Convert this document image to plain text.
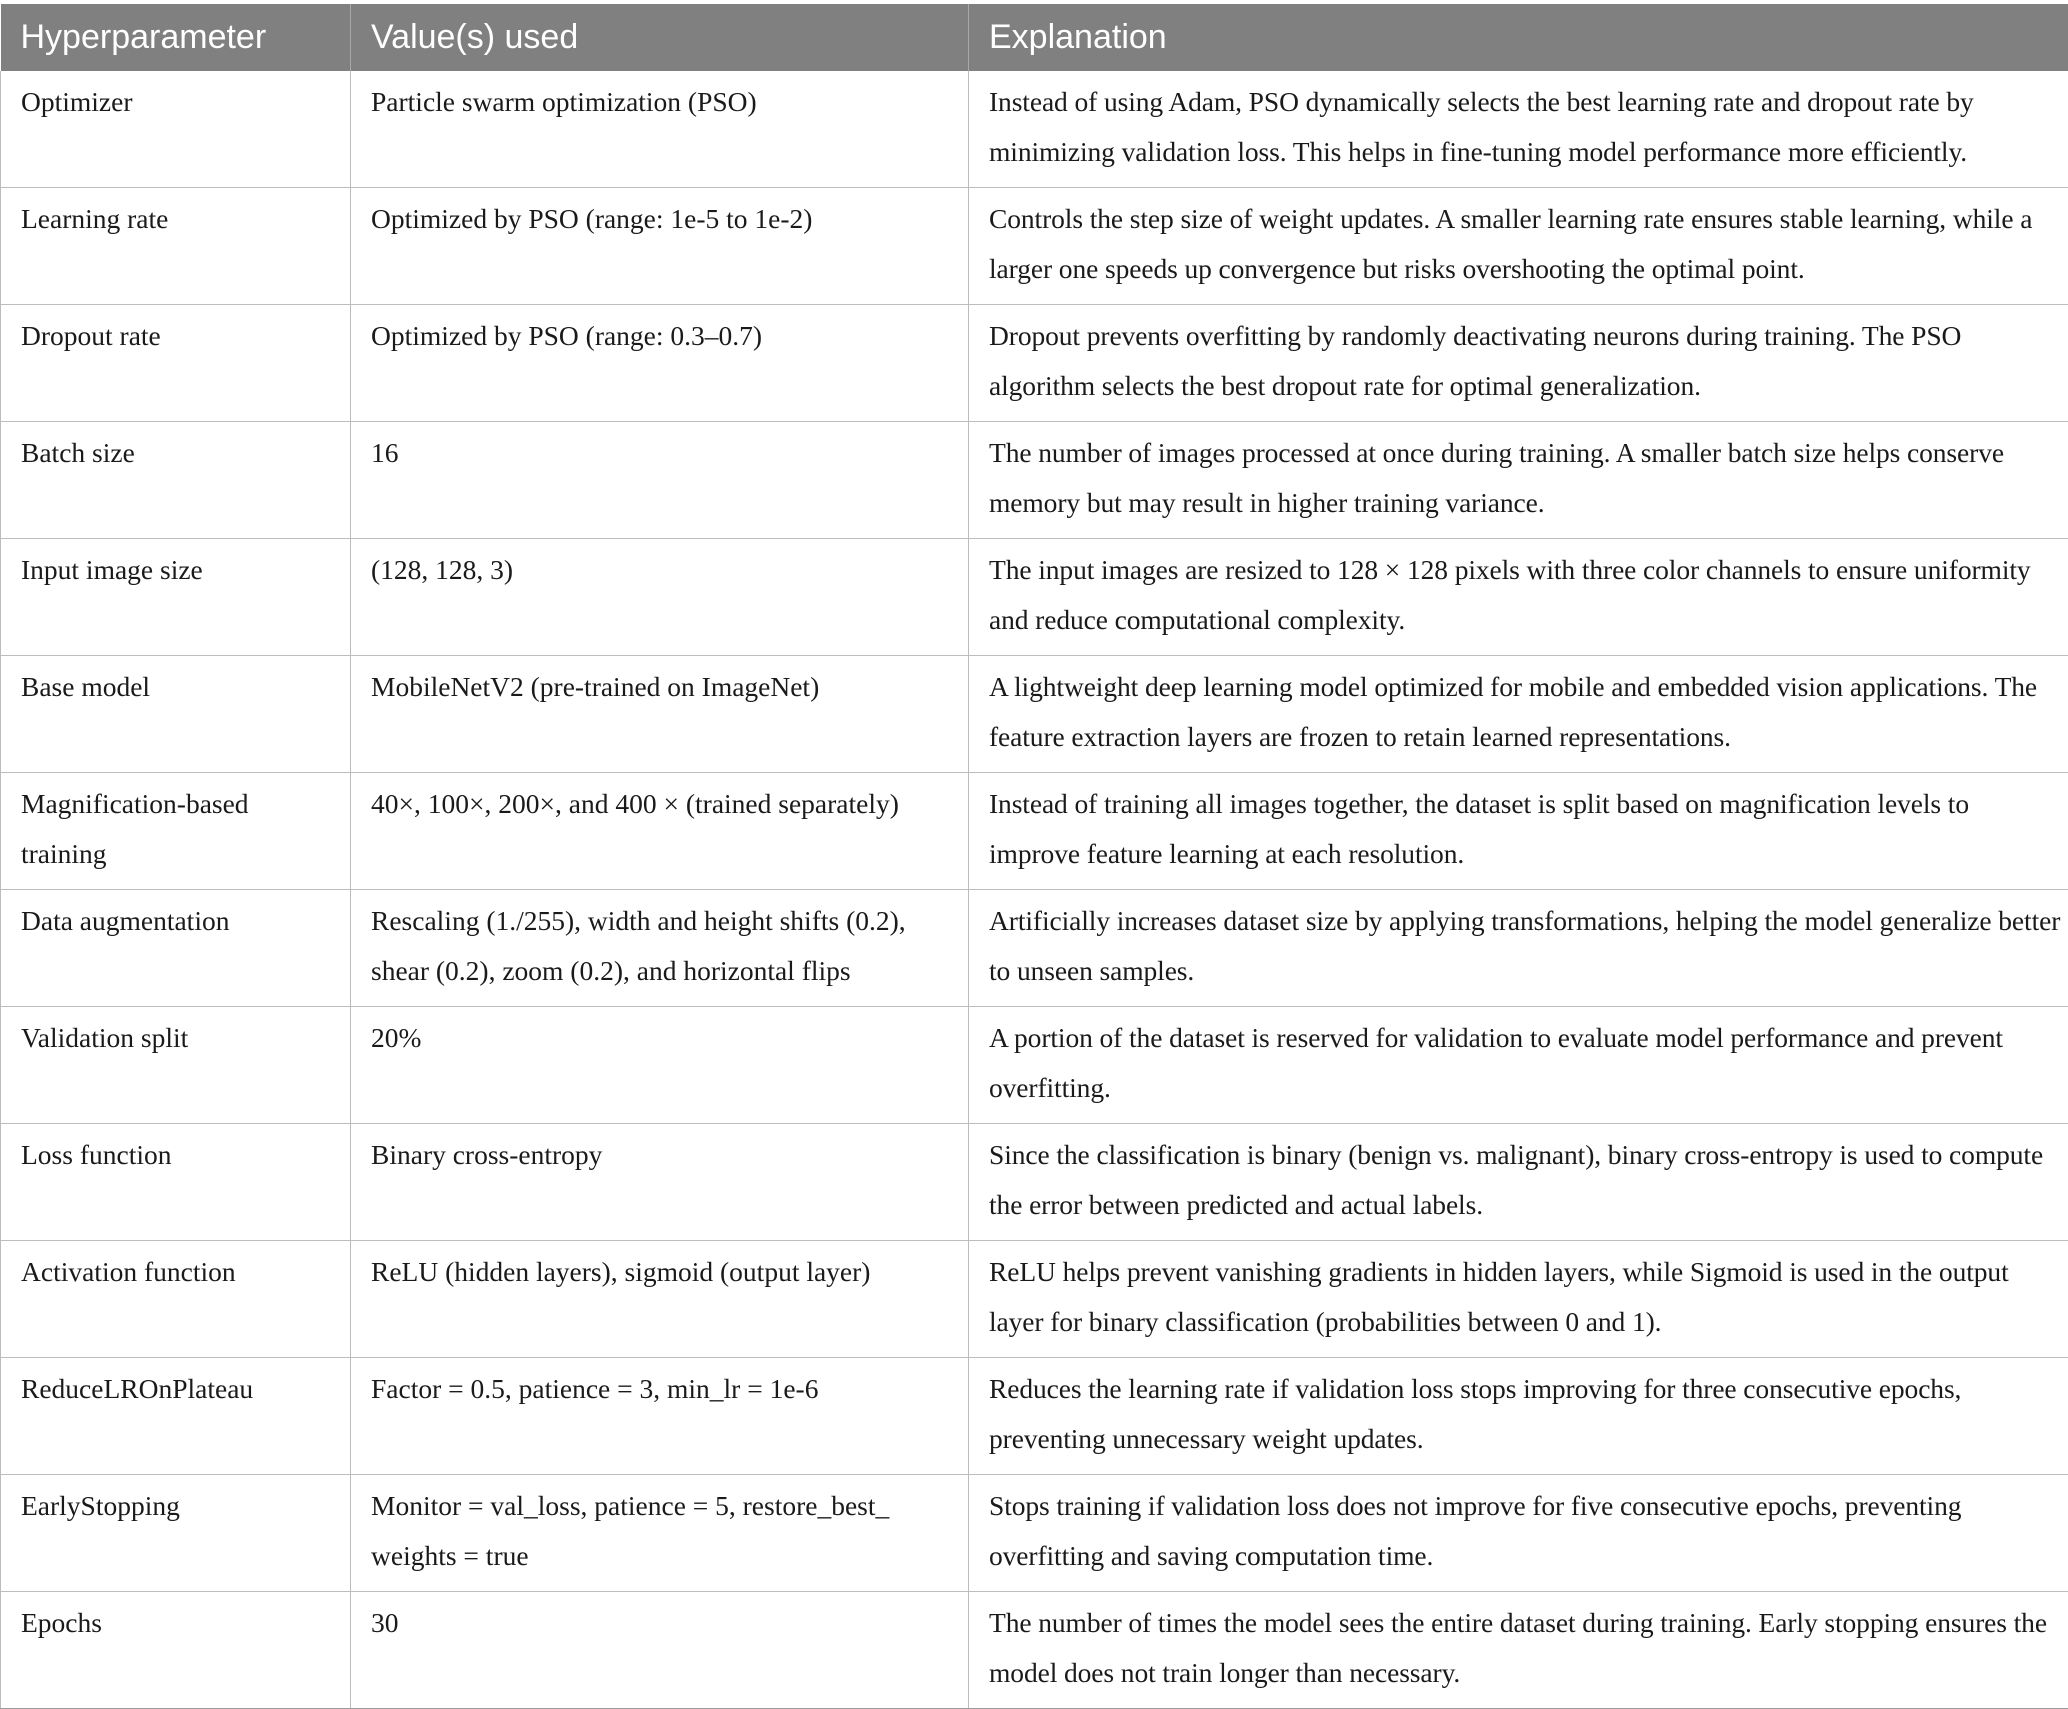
Hyperparameter	Value(s) used	Explanation
Optimizer	Particle swarm optimization (PSO)	Instead of using Adam, PSO dynamically selects the best learning rate and dropout rate by minimizing validation loss. This helps in fine-tuning model performance more efficiently.
Learning rate	Optimized by PSO (range: 1e-5 to 1e-2)	Controls the step size of weight updates. A smaller learning rate ensures stable learning, while a larger one speeds up convergence but risks overshooting the optimal point.
Dropout rate	Optimized by PSO (range: 0.3–0.7)	Dropout prevents overfitting by randomly deactivating neurons during training. The PSO algorithm selects the best dropout rate for optimal generalization.
Batch size	16	The number of images processed at once during training. A smaller batch size helps conserve memory but may result in higher training variance.
Input image size	(128, 128, 3)	The input images are resized to 128 × 128 pixels with three color channels to ensure uniformity and reduce computational complexity.
Base model	MobileNetV2 (pre-trained on ImageNet)	A lightweight deep learning model optimized for mobile and embedded vision applications. The feature extraction layers are frozen to retain learned representations.
Magnification-based training	40×, 100×, 200×, and 400 × (trained separately)	Instead of training all images together, the dataset is split based on magnification levels to improve feature learning at each resolution.
Data augmentation	Rescaling (1./255), width and height shifts (0.2), shear (0.2), zoom (0.2), and horizontal flips	Artificially increases dataset size by applying transformations, helping the model generalize better to unseen samples.
Validation split	20%	A portion of the dataset is reserved for validation to evaluate model performance and prevent overfitting.
Loss function	Binary cross-entropy	Since the classification is binary (benign vs. malignant), binary cross-entropy is used to compute the error between predicted and actual labels.
Activation function	ReLU (hidden layers), sigmoid (output layer)	ReLU helps prevent vanishing gradients in hidden layers, while Sigmoid is used in the output layer for binary classification (probabilities between 0 and 1).
ReduceLROnPlateau	Factor = 0.5, patience = 3, min_lr = 1e-6	Reduces the learning rate if validation loss stops improving for three consecutive epochs, preventing unnecessary weight updates.
EarlyStopping	Monitor = val_loss, patience = 5, restore_best_ weights = true	Stops training if validation loss does not improve for five consecutive epochs, preventing overfitting and saving computation time.
Epochs	30	The number of times the model sees the entire dataset during training. Early stopping ensures the model does not train longer than necessary.
